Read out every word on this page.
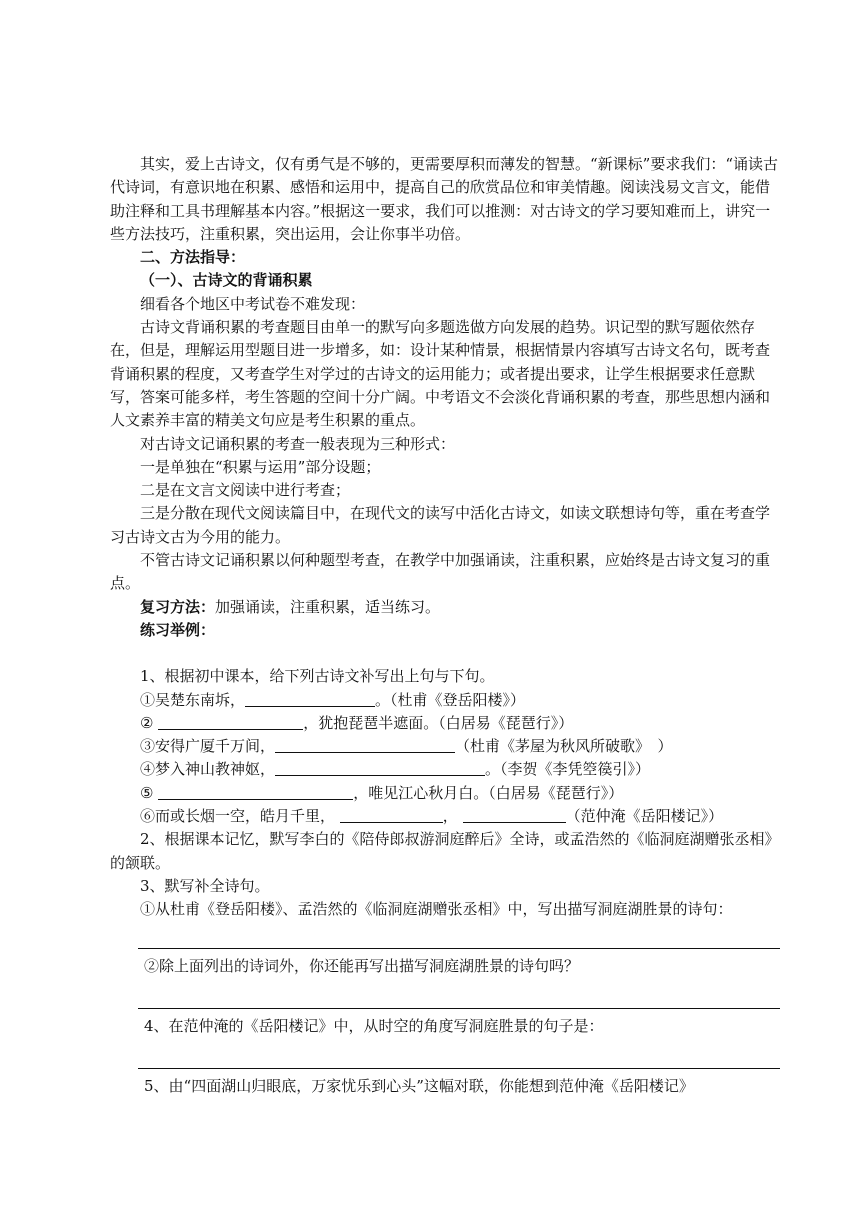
其实，爱上古诗文，仅有勇气是不够的，更需要厚积而薄发的智慧。“新课标”要求我们：“诵读古代诗词，有意识地在积累、感悟和运用中，提高自己的欣赏品位和审美情趣。阅读浅易文言文，能借助注释和工具书理解基本内容。”根据这一要求，我们可以推测：对古诗文的学习要知难而上，讲究一些方法技巧，注重积累，突出运用，会让你事半功倍。

二、方法指导：

（一）、古诗文的背诵积累

细看各个地区中考试卷不难发现：

古诗文背诵积累的考查题目由单一的默写向多题选做方向发展的趋势。识记型的默写题依然存在，但是，理解运用型题目进一步增多，如：设计某种情景，根据情景内容填写古诗文名句，既考查背诵积累的程度，又考查学生对学过的古诗文的运用能力；或者提出要求，让学生根据要求任意默写，答案可能多样，考生答题的空间十分广阔。中考语文不会淡化背诵积累的考查，那些思想内涵和人文素养丰富的精美文句应是考生积累的重点。

对古诗文记诵积累的考查一般表现为三种形式：

一是单独在“积累与运用”部分设题；

二是在文言文阅读中进行考查；

三是分散在现代文阅读篇目中，在现代文的读写中活化古诗文，如读文联想诗句等，重在考查学习古诗文古为今用的能力。

不管古诗文记诵积累以何种题型考查，在教学中加强诵读，注重积累，应始终是古诗文复习的重点。

复习方法：加强诵读，注重积累，适当练习。

练习举例：

1、根据初中课本，给下列古诗文补写出上句与下句。

①吴楚东南坼，	。（杜甫《登岳阳楼》）

②	，犹抱琵琶半遮面。（白居易《琵琶行》）

③安得广厦千万间，	（杜甫《茅屋为秋风所破歌》　）

④梦入神山教神妪，	。（李贺《李凭箜篌引》）

⑤	，唯见江心秋月白。（白居易《琵琶行》）

⑥而或长烟一空，皓月千里，	，	（范仲淹《岳阳楼记》）

2、根据课本记忆，默写李白的《陪侍郎叔游洞庭醉后》全诗，或孟浩然的《临洞庭湖赠张丞相》的颔联。

3、默写补全诗句。

①从杜甫《登岳阳楼》、孟浩然的《临洞庭湖赠张丞相》中，写出描写洞庭湖胜景的诗句：

②除上面列出的诗词外，你还能再写出描写洞庭湖胜景的诗句吗？

4、在范仲淹的《岳阳楼记》中，从时空的角度写洞庭胜景的句子是：

5、由“四面湖山归眼底，万家忧乐到心头”这幅对联，你能想到范仲淹《岳阳楼记》
